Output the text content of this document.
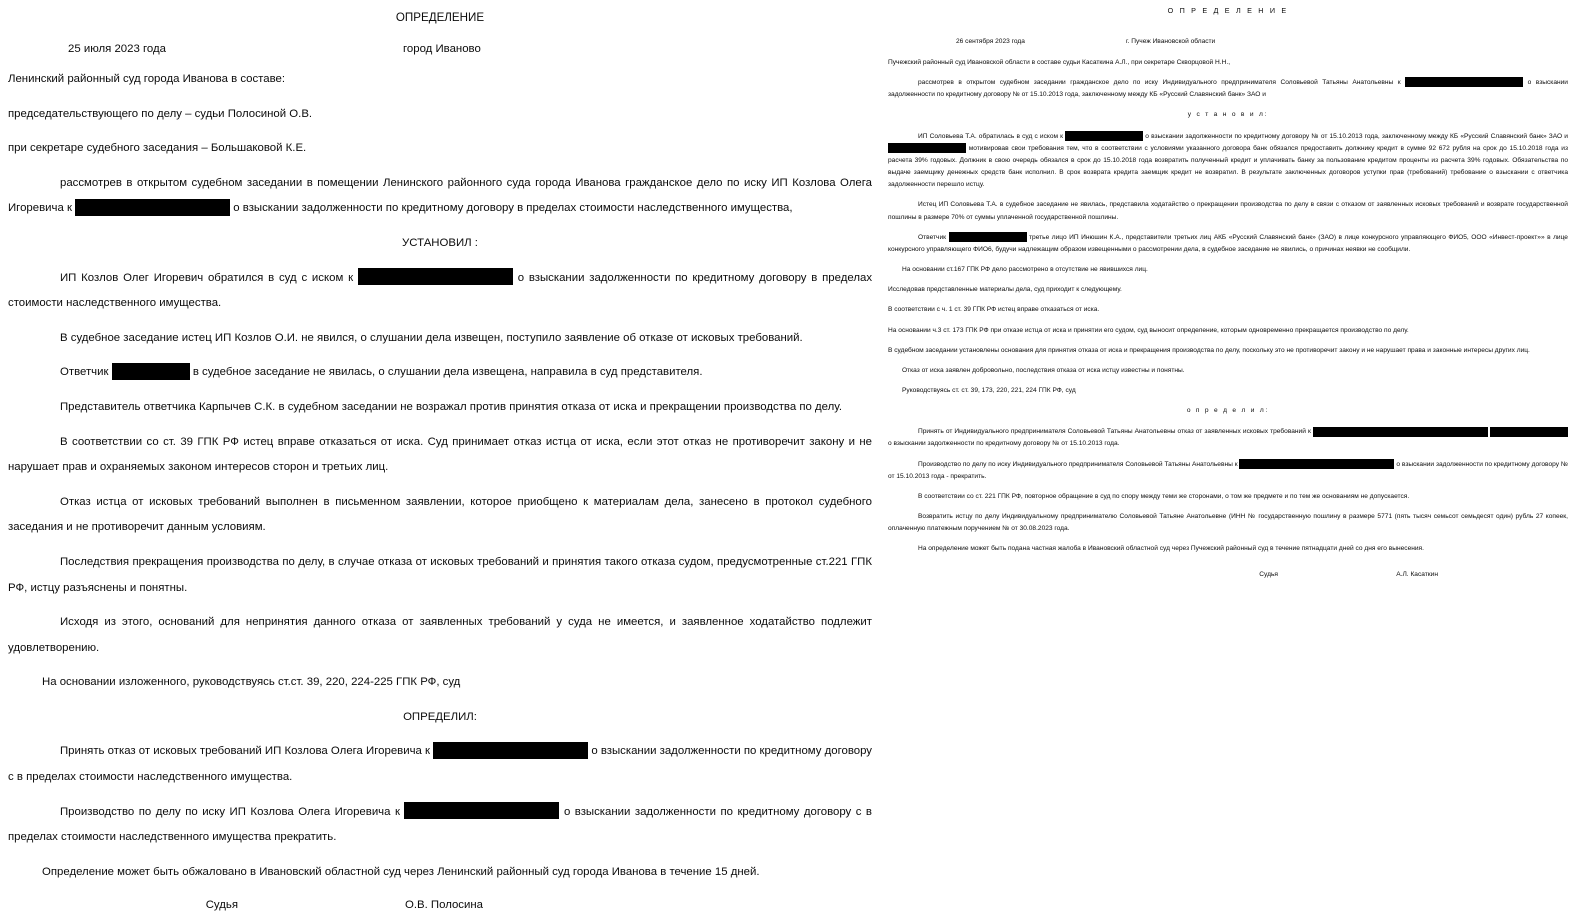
ОПРЕДЕЛЕНИЕ
25 июля 2023 года	город Иваново

Ленинский районный суд города Иванова в составе:

председательствующего по делу – судьи Полосиной О.В.

при секретаре судебного заседания – Большаковой К.Е.

рассмотрев в открытом судебном заседании в помещении Ленинского районного суда города Иванова гражданское дело по иску ИП Козлова Олега Игоревича к	о взыскании задолженности по кредитному договору в пределах стоимости наследственного имущества,

УСТАНОВИЛ :

ИП Козлов Олег Игоревич обратился в суд с иском к	о взыскании задолженности по кредитному договору в пределах стоимости наследственного имущества.

В судебное заседание истец ИП Козлов О.И. не явился, о слушании дела извещен, поступило заявление об отказе от исковых требований.

Ответчик	в судебное заседание не явилась, о слушании дела извещена, направила в суд представителя.

Представитель ответчика Карпычев С.К. в судебном заседании не возражал против принятия отказа от иска и прекращении производства по делу.

В соответствии со ст. 39 ГПК РФ истец вправе отказаться от иска. Суд принимает отказ истца от иска, если этот отказ не противоречит закону и не нарушает прав и охраняемых законом интересов сторон и третьих лиц.

Отказ истца от исковых требований выполнен в письменном заявлении, которое приобщено к материалам дела, занесено в протокол судебного заседания и не противоречит данным условиям.

Последствия прекращения производства по делу, в случае отказа от исковых требований и принятия такого отказа судом, предусмотренные ст.221 ГПК РФ, истцу разъяснены и понятны.

Исходя из этого, оснований для непринятия данного отказа от заявленных требований у суда не имеется, и заявленное ходатайство подлежит удовлетворению.

На основании изложенного, руководствуясь ст.ст. 39, 220, 224-225 ГПК РФ, суд

ОПРЕДЕЛИЛ:

Принять отказ от исковых требований ИП Козлова Олега Игоревича к	о взыскании задолженности по кредитному договору с в пределах стоимости наследственного имущества.

Производство по делу по иску ИП Козлова Олега Игоревича к	о взыскании задолженности по кредитному договору с в пределах стоимости наследственного имущества прекратить.

Определение может быть обжаловано в Ивановский областной суд через Ленинский районный суд города Иванова в течение 15 дней.

Судья	О.В. Полосина
О П Р Е Д Е Л Е Н И Е
26 сентября 2023 года	г. Пучеж Ивановской области

Пучежский районный суд Ивановской области в составе судьи Касаткина А.Л., при секретаре Скворцовой Н.Н.,

рассмотрев в открытом судебном заседании гражданское дело по иску Индивидуального предпринимателя Соловьевой Татьяны Анатольевны к	о взыскании задолженности по кредитному договору № от 15.10.2013 года, заключенному между КБ «Русский Славянский банк» ЗАО и

у с т а н о в и л:

ИП Соловьева Т.А. обратилась в суд с иском к	о взыскании задолженности по кредитному договору № от 15.10.2013 года, заключенному между КБ «Русский Славянский банк» ЗАО и  мотивировав свои требования тем, что в соответствии с условиями указанного договора банк обязался предоставить должнику кредит в сумме 92 672 рубля на срок до 15.10.2018 года из расчета 39% годовых. Должник в свою очередь обязался в срок до 15.10.2018 года возвратить полученный кредит и уплачивать банку за пользование кредитом проценты из расчета 39% годовых. Обязательства по выдаче заемщику денежных средств банк исполнил. В срок возврата кредита заемщик кредит не возвратил. В результате заключенных договоров уступки прав (требований) требование о взыскании с ответчика задолженности перешло истцу.

Истец ИП Соловьева Т.А. в судебное заседание не явилась, представила ходатайство о прекращении производства по делу в связи с отказом от заявленных исковых требований и возврате государственной пошлины в размере 70% от суммы уплаченной государственной пошлины.

Ответчик	третье лицо ИП Инюшин К.А., представители третьих лиц АКБ «Русский Славянский банк» (ЗАО) в лице конкурсного управляющего ФИО5, ООО «Инвест-проект»» в лице конкурсного управляющего ФИО6, будучи надлежащим образом извещенными о рассмотрении дела, в судебное заседание не явились, о причинах неявки не сообщили.

На основании ст.167 ГПК РФ дело рассмотрено в отсутствие не явившихся лиц.

Исследовав представленные материалы дела, суд приходит к следующему.

В соответствии с ч. 1 ст. 39 ГПК РФ истец вправе отказаться от иска.

На основании ч.3 ст. 173 ГПК РФ при отказе истца от иска и принятии его судом, суд выносит определение, которым одновременно прекращается производство по делу.

В судебном заседании установлены основания для принятия отказа от иска и прекращения производства по делу, поскольку это не противоречит закону и не нарушает права и законные интересы других лиц.

Отказ от иска заявлен добровольно, последствия отказа от иска истцу известны и понятны.

Руководствуясь ст. ст. 39, 173, 220, 221, 224 ГПК РФ, суд

о п р е д е л и л:

Принять от Индивидуального предпринимателя Соловьевой Татьяны Анатольевны отказ от заявленных исковых требований к   о взыскании задолженности по кредитному договору № от 15.10.2013 года.

Производство по делу по иску Индивидуального предпринимателя Соловьевой Татьяны Анатольевны к	о взыскании задолженности по кредитному договору № от 15.10.2013 года - прекратить.

В соответствии со ст. 221 ГПК РФ, повторное обращение в суд по спору между теми же сторонами, о том же предмете и по тем же основаниям не допускается.

Возвратить истцу по делу Индивидуальному предпринимателю Соловьевой Татьяне Анатольевне (ИНН № государственную пошлину в размере 5771 (пять тысяч семьсот семьдесят один) рубль 27 копеек, оплаченную платежным поручением № от 30.08.2023 года.

На определение может быть подана частная жалоба в Ивановский областной суд через Пучежский районный суд в течение пятнадцати дней со дня его вынесения.

Судья	А.Л. Касаткин
